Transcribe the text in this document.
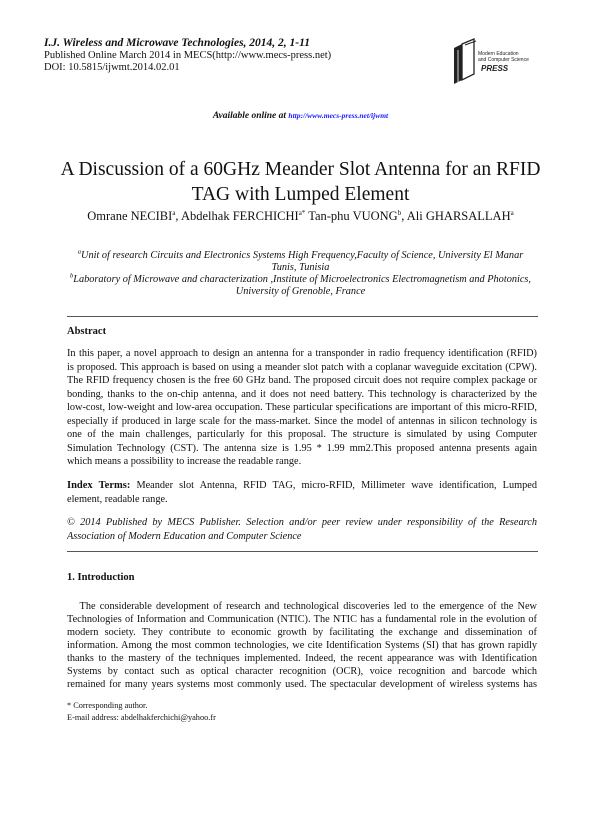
I.J. Wireless and Microwave Technologies, 2014, 2, 1-11
Published Online March 2014 in MECS(http://www.mecs-press.net)
DOI: 10.5815/ijwmt.2014.02.01
Modern Education
and Computer Science
PRESS
Available online at http://www.mecs-press.net/ijwmt
A Discussion of a 60GHz Meander Slot Antenna for an RFID
TAG with Lumped Element
Omrane NECIBI$^a$, Abdelhak $FERCHICHI^{a*}$ Tan-phu VUONG$^b$, Ali GHARSALLAH$^a$
$^a$Unit of research Circuits and Electronics Systems High Frequency,Faculty of Science, University El Manar
Tunis, Tunisia
$^b$Laboratory of Microwave and characterization ,Institute of Microelectronics Electromagnetism and Photonics,
University of Grenoble, France
Abstract
In this paper, a novel approach to design an antenna for a transponder in radio frequency identification (RFID)
is proposed. This approach is based on using a meander slot patch with a coplanar waveguide excitation (CPW).
The RFID frequency chosen is the free 60 GHz band. The proposed circuit does not require complex package or
bonding, thanks to the on-chip antenna, and it does not need battery. This technology is characterized by the
low-cost, low-weight and low-area occupation. These particular specifications are important of this micro-RFID,
especially if produced in large scale for the mass-market. Since the model of antennas in silicon technology is
one of the main challenges, particularly for this proposal. The structure is simulated by using Computer
Simulation Technology (CST). The antenna size is 1.95 * 1.99 mm2.This proposed antenna presents again
which means a possibility to increase the readable range.
Index Terms: Meander slot Antenna, RFID TAG, micro-RFID, Millimeter wave identification, Lumped
element, readable range.
© 2014 Published by MECS Publisher. Selection and/or peer review under responsibility of the Research
Association of Modern Education and Computer Science
1. Introduction
The considerable development of research and technological discoveries led to the emergence of the New
Technologies of Information and Communication (NTIC). The NTIC has a fundamental role in the evolution of
modern society. They contribute to economic growth by facilitating the exchange and dissemination of
information. Among the most common technologies, we cite Identification Systems (SI) that has grown rapidly
thanks to the mastery of the techniques implemented. Indeed, the recent appearance was with Identification
Systems by contact such as optical character recognition (OCR), voice recognition and barcode which
remained for many years systems most commonly used. The spectacular development of wireless systems has
* Corresponding author.
E-mail address: abdelhakferchichi@yahoo.fr
